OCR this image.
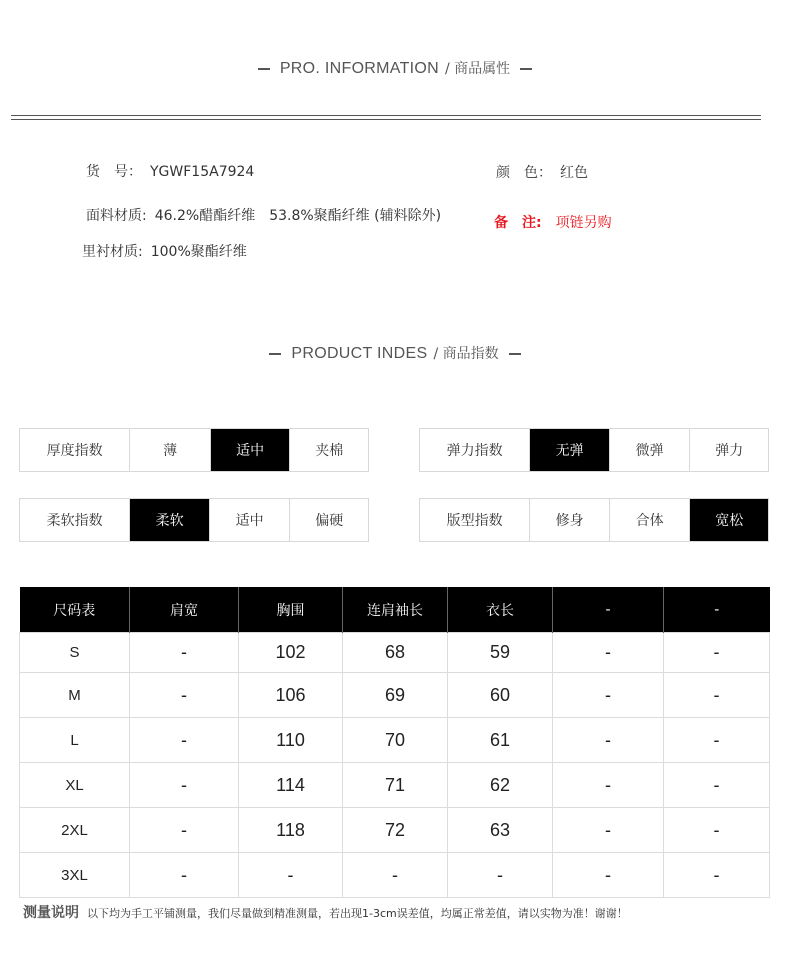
PRO. INFORMATION / 商品属性
货　号： YGWF15A7924
面料材质: 46.2%醋酯纤维　53.8%聚酯纤维 (辅料除外)
里衬材质: 100%聚酯纤维
颜　色： 红色
备　注: 项链另购
PRODUCT INDES / 商品指数
厚度指数	薄	适中	夹棉	弹力指数	无弹	微弹	弹力
柔软指数	柔软	适中	偏硬	版型指数	修身	合体	宽松
尺码表	肩宽	胸围	连肩袖长	衣长	-	-
S	-	102	68	59	-	-
M	-	106	69	60	-	-
L	-	110	70	61	-	-
XL	-	114	71	62	-	-
2XL	-	118	72	63	-	-
3XL	-	-	-	-	-	-
测量说明 以下均为手工平铺测量，我们尽量做到精准测量，若出现1-3cm误差值，均属正常差值，请以实物为准！谢谢！
